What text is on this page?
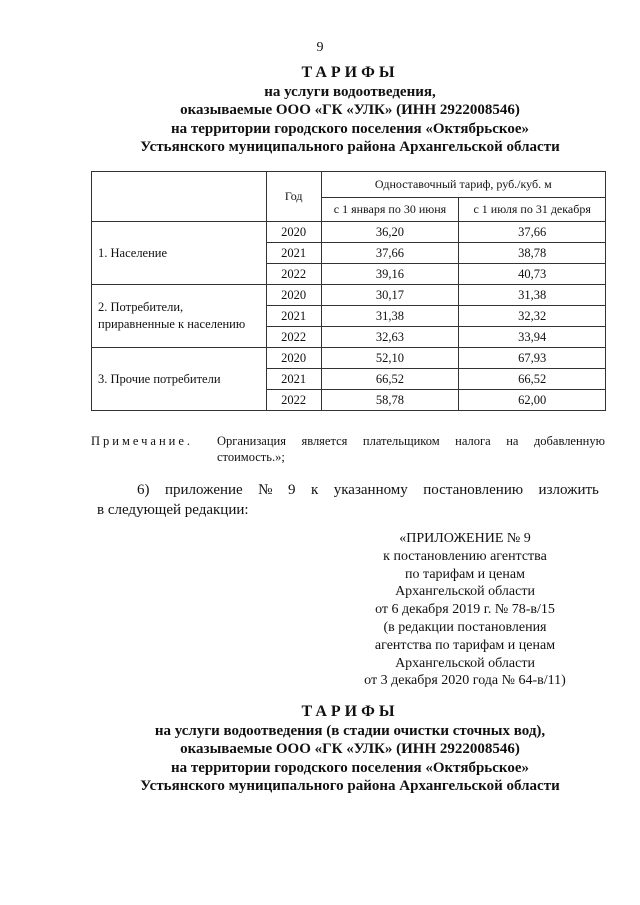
9
ТАРИФЫ
на услуги водоотведения,
оказываемые ООО «ГК «УЛК» (ИНН 2922008546)
на территории городского поселения «Октябрьское»
Устьянского муниципального района Архангельской области
	Год	Одноставочный тариф, руб./куб. м	
		с 1 января по 30 июня	с 1 июля по 31 декабря
1. Население	2020	36,20	37,66
	2021	37,66	38,78
	2022	39,16	40,73

2. Потребители,
приравненные к населению	2020	30,17	31,38
	2021	31,38	32,32
	2022	32,63	33,94
3. Прочие потребители	2020	52,10	67,93
	2021	66,52	66,52
	2022	58,78	62,00
Примечание. Организация является плательщиком налога на добавленную
стоимость.»;
6) приложение № 9 к указанному постановлению изложить
в следующей редакции:
«ПРИЛОЖЕНИЕ № 9
к постановлению агентства
по тарифам и ценам
Архангельской области
от 6 декабря 2019 г. № 78-в/15
(в редакции постановления
агентства по тарифам и ценам
Архангельской области
от 3 декабря 2020 года № 64-в/11)
ТАРИФЫ
на услуги водоотведения (в стадии очистки сточных вод),
оказываемые ООО «ГК «УЛК» (ИНН 2922008546)
на территории городского поселения «Октябрьское»
Устьянского муниципального района Архангельской области
